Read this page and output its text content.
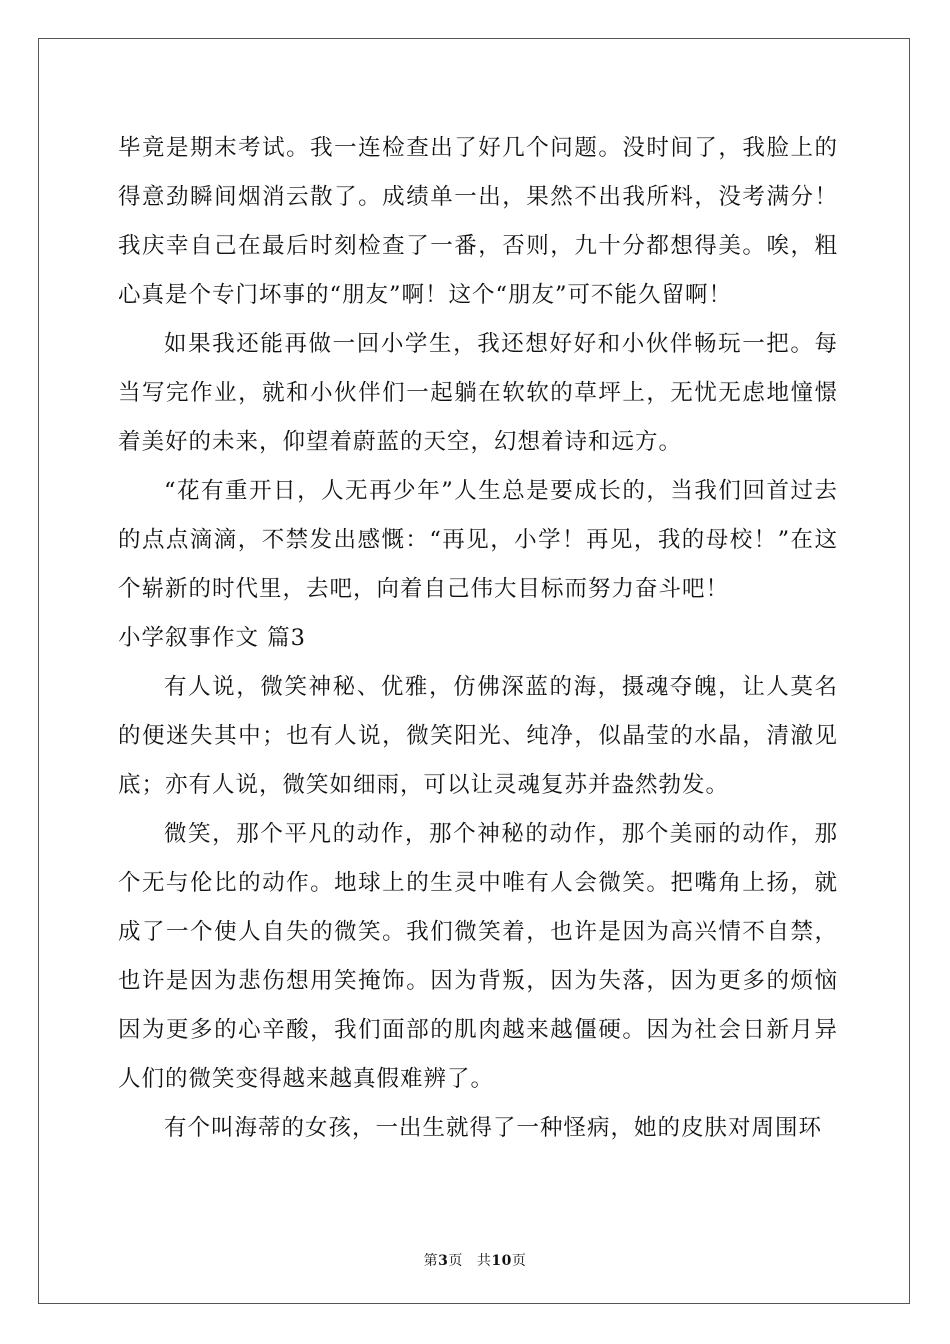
毕竟是期末考试。我一连检查出了好几个问题。没时间了，我脸上的得意劲瞬间烟消云散了。成绩单一出，果然不出我所料，没考满分！我庆幸自己在最后时刻检查了一番，否则，九十分都想得美。唉，粗心真是个专门坏事的“朋友”啊！这个“朋友”可不能久留啊！

如果我还能再做一回小学生，我还想好好和小伙伴畅玩一把。每当写完作业，就和小伙伴们一起躺在软软的草坪上，无忧无虑地憧憬着美好的未来，仰望着蔚蓝的天空，幻想着诗和远方。

“花有重开日，人无再少年”人生总是要成长的，当我们回首过去的点点滴滴，不禁发出感慨：“再见，小学！再见，我的母校！”在这个崭新的时代里，去吧，向着自己伟大目标而努力奋斗吧！

小学叙事作文 篇3

有人说，微笑神秘、优雅，仿佛深蓝的海，摄魂夺魄，让人莫名的便迷失其中；也有人说，微笑阳光、纯净，似晶莹的水晶，清澈见底；亦有人说，微笑如细雨，可以让灵魂复苏并盎然勃发。

微笑，那个平凡的动作，那个神秘的动作，那个美丽的动作，那个无与伦比的动作。地球上的生灵中唯有人会微笑。把嘴角上扬，就成了一个使人自失的微笑。我们微笑着，也许是因为高兴情不自禁，也许是因为悲伤想用笑掩饰。因为背叛，因为失落，因为更多的烦恼因为更多的心辛酸，我们面部的肌肉越来越僵硬。因为社会日新月异人们的微笑变得越来越真假难辨了。

有个叫海蒂的女孩，一出生就得了一种怪病，她的皮肤对周围环

第3页 共10页
